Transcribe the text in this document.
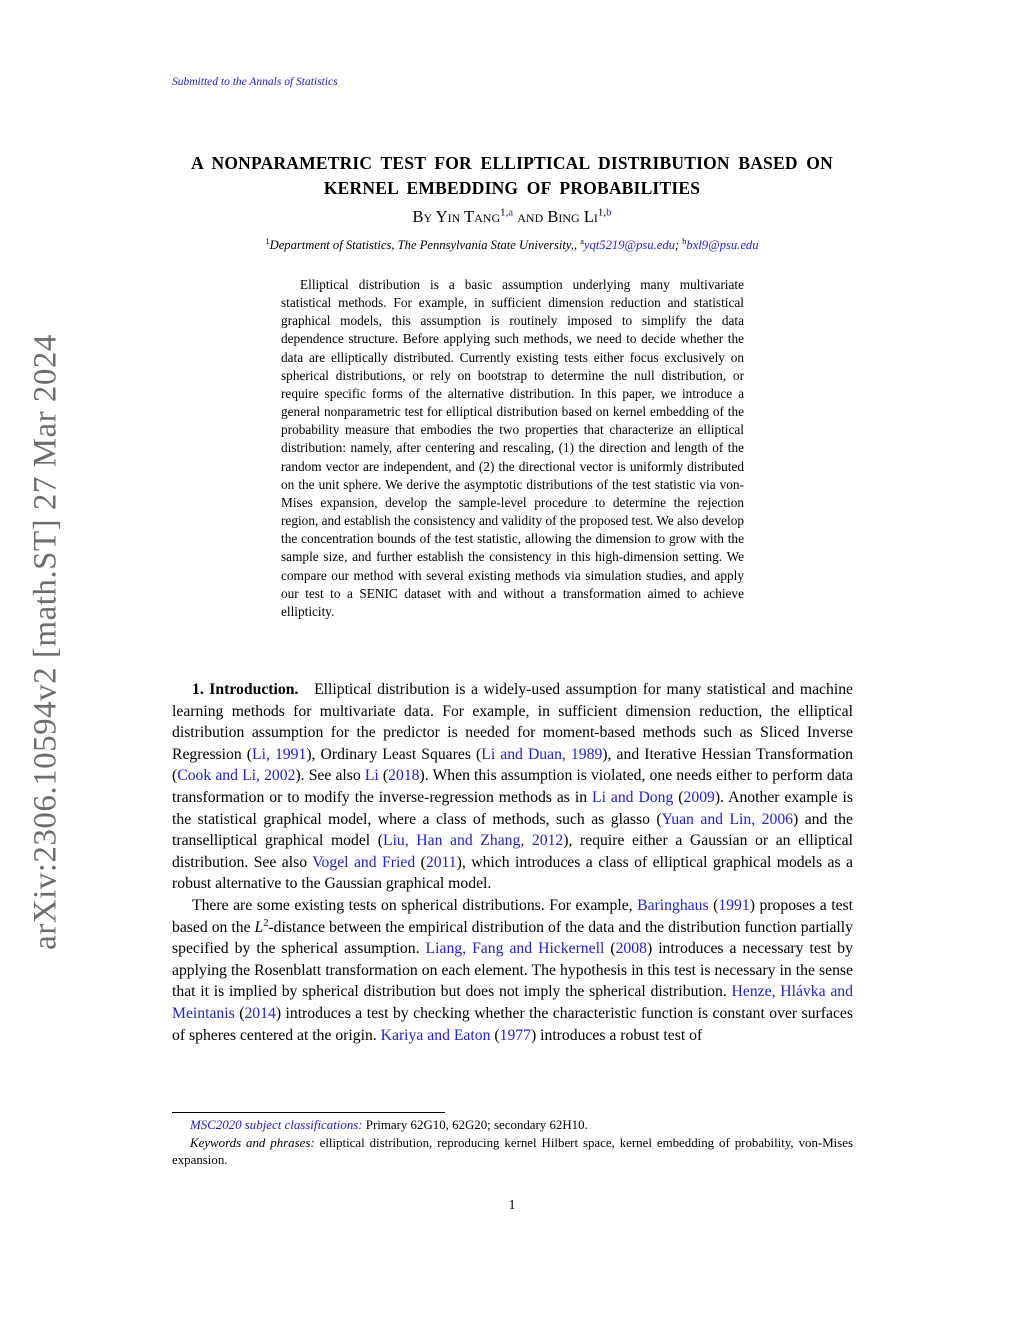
arXiv:2306.10594v2 [math.ST] 27 Mar 2024
Submitted to the Annals of Statistics
A NONPARAMETRIC TEST FOR ELLIPTICAL DISTRIBUTION BASED ON
KERNEL EMBEDDING OF PROBABILITIES
By Yin Tang$^{1,a}$ and Bing Li$^{1,b}$
$^1$Department of Statistics, The Pennsylvania State University,, $^a$yqt5219@psu.edu; $^b$bxl9@psu.edu
Elliptical distribution is a basic assumption underlying many multivariate statistical methods. For example, in sufficient dimension reduction and statistical graphical models, this assumption is routinely imposed to simplify the data dependence structure. Before applying such methods, we need to decide whether the data are elliptically distributed. Currently existing tests either focus exclusively on spherical distributions, or rely on bootstrap to determine the null distribution, or require specific forms of the alternative distribution. In this paper, we introduce a general nonparametric test for elliptical distribution based on kernel embedding of the probability measure that embodies the two properties that characterize an elliptical distribution: namely, after centering and rescaling, (1) the direction and length of the random vector are independent, and (2) the directional vector is uniformly distributed on the unit sphere. We derive the asymptotic distributions of the test statistic via von-Mises expansion, develop the sample-level procedure to determine the rejection region, and establish the consistency and validity of the proposed test. We also develop the concentration bounds of the test statistic, allowing the dimension to grow with the sample size, and further establish the consistency in this high-dimension setting. We compare our method with several existing methods via simulation studies, and apply our test to a SENIC dataset with and without a transformation aimed to achieve ellipticity.

1. Introduction.  Elliptical distribution is a widely-used assumption for many statistical and machine learning methods for multivariate data. For example, in sufficient dimension reduction, the elliptical distribution assumption for the predictor is needed for moment-based methods such as Sliced Inverse Regression (Li, 1991), Ordinary Least Squares (Li and Duan, 1989), and Iterative Hessian Transformation (Cook and Li, 2002). See also Li (2018). When this assumption is violated, one needs either to perform data transformation or to modify the inverse-regression methods as in Li and Dong (2009). Another example is the statistical graphical model, where a class of methods, such as glasso (Yuan and Lin, 2006) and the transelliptical graphical model (Liu, Han and Zhang, 2012), require either a Gaussian or an elliptical distribution. See also Vogel and Fried (2011), which introduces a class of elliptical graphical models as a robust alternative to the Gaussian graphical model.

There are some existing tests on spherical distributions. For example, Baringhaus (1991) proposes a test based on the $L^2$-distance between the empirical distribution of the data and the distribution function partially specified by the spherical assumption. Liang, Fang and Hickernell (2008) introduces a necessary test by applying the Rosenblatt transformation on each element. The hypothesis in this test is necessary in the sense that it is implied by spherical distribution but does not imply the spherical distribution. Henze, Hlávka and Meintanis (2014) introduces a test by checking whether the characteristic function is constant over surfaces of spheres centered at the origin. Kariya and Eaton (1977) introduces a robust test of

MSC2020 subject classifications: Primary 62G10, 62G20; secondary 62H10.

Keywords and phrases: elliptical distribution, reproducing kernel Hilbert space, kernel embedding of probability, von-Mises expansion.

1
